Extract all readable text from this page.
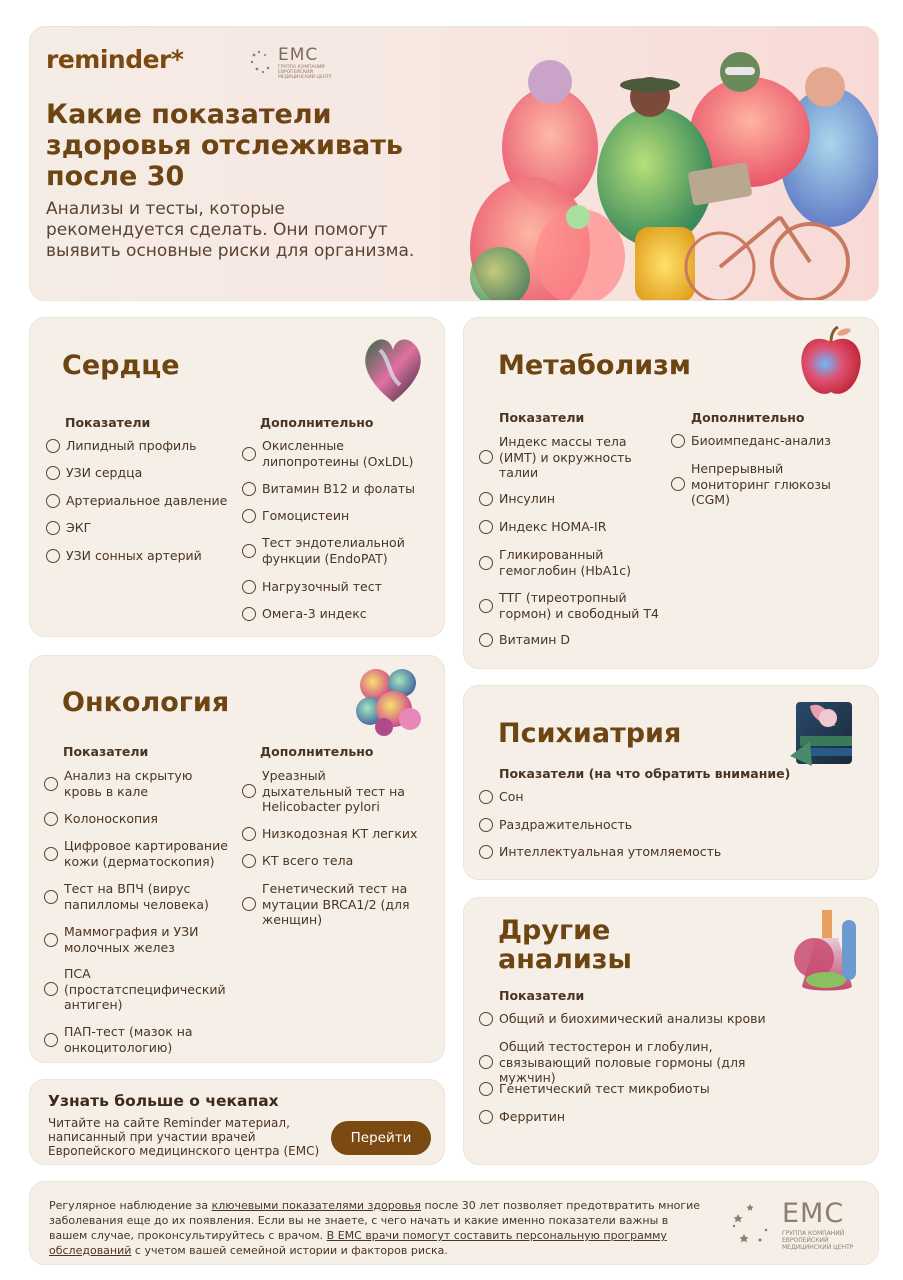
reminder*	EMC
ГРУППА КОМПАНИЙ ЕВРОПЕЙСКИЙ МЕДИЦИНСКИЙ ЦЕНТР
Какие показатели здоровья отслеживать после 30
Анализы и тесты, которые рекомендуется сделать. Они помогут выявить основные риски для организма.
Сердце
Показатели	Дополнительно
Липидный профиль
УЗИ сердца
Артериальное давление
ЭКГ
УЗИ сонных артерий
Окисленные липопротеины (OxLDL)
Витамин B12 и фолаты
Гомоцистеин
Тест эндотелиальной функции (EndoPAT)
Нагрузочный тест
Омега-3 индекс
Метаболизм
Показатели	Дополнительно
Индекс массы тела (ИМТ) и окружность талии
Инсулин
Индекс HOMA-IR
Гликированный гемоглобин (HbA1c)
ТТГ (тиреотропный гормон) и свободный Т4
Витамин D
Биоимпеданс-анализ
Непрерывный мониторинг глюкозы (CGM)
Онкология
Показатели	Дополнительно
Анализ на скрытую кровь в кале
Колоноскопия
Цифровое картирование кожи (дерматоскопия)
Тест на ВПЧ (вирус папилломы человека)
Маммография и УЗИ молочных желез
ПСА (простатспецифический антиген)
ПАП-тест (мазок на онкоцитологию)
Уреазный дыхательный тест на Helicobacter pylori
Низкодозная КТ легких
КТ всего тела
Генетический тест на мутации BRCA1/2 (для женщин)
Психиатрия
Показатели (на что обратить внимание)
Сон
Раздражительность
Интеллектуальная утомляемость
Другие анализы
Показатели
Общий и биохимический анализы крови
Общий тестостерон и глобулин, связывающий половые гормоны (для мужчин)
Генетический тест микробиоты
Ферритин
Узнать больше о чекапах
Читайте на сайте Reminder материал, написанный при участии врачей Европейского медицинского центра (EMC)
Перейти
Регулярное наблюдение за ключевыми показателями здоровья после 30 лет позволяет предотвратить многие заболевания еще до их появления. Если вы не знаете, с чего начать и какие именно показатели важны в вашем случае, проконсультируйтесь с врачом. В EMC врачи помогут составить персональную программу обследований с учетом вашей семейной истории и факторов риска.
EMC
ГРУППА КОМПАНИЙ ЕВРОПЕЙСКИЙ МЕДИЦИНСКИЙ ЦЕНТР
